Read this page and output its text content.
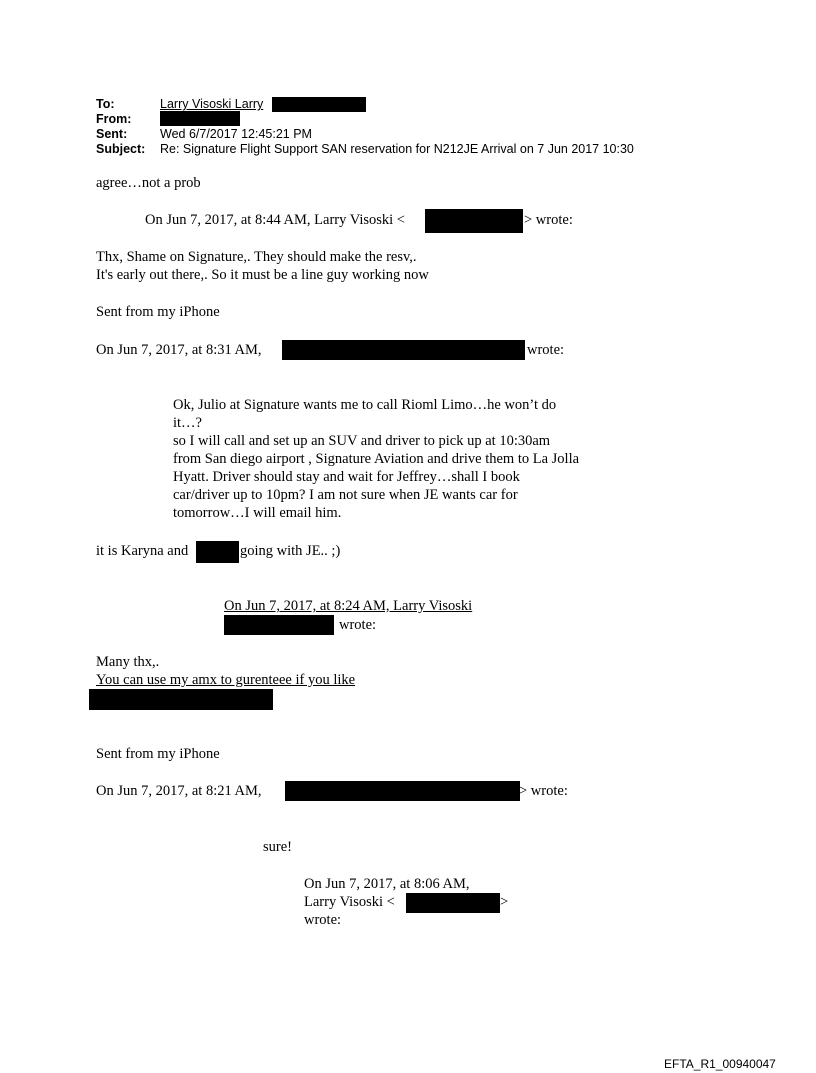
To:	Larry Visoski Larry
From:
Sent:	Wed 6/7/2017 12:45:21 PM
Subject: Re: Signature Flight Support SAN reservation for N212JE Arrival on 7 Jun 2017 10:30
agree…not a prob
On Jun 7, 2017, at 8:44 AM, Larry Visoski <	> wrote:
Thx, Shame on Signature,. They should make the resv,.
It's early out there,. So it must be a line guy working now
Sent from my iPhone
On Jun 7, 2017, at 8:31 AM,	wrote:
Ok, Julio at Signature wants me to call Rioml Limo…he won’t do
it…?
so I will call and set up an SUV and driver to pick up at 10:30am
from San diego airport , Signature Aviation and drive them to La Jolla
Hyatt. Driver should stay and wait for Jeffrey…shall I book
car/driver up to 10pm? I am not sure when JE wants car for
tomorrow…I will email him.
it is Karyna and	going with JE.. ;)
On Jun 7, 2017, at 8:24 AM, Larry Visoski
wrote:
Many thx,.
You can use my amx to gurenteee if you like
Sent from my iPhone
On Jun 7, 2017, at 8:21 AM,	> wrote:
sure!
On Jun 7, 2017, at 8:06 AM,
Larry Visoski <	>
wrote:
EFTA_R1_00940047
